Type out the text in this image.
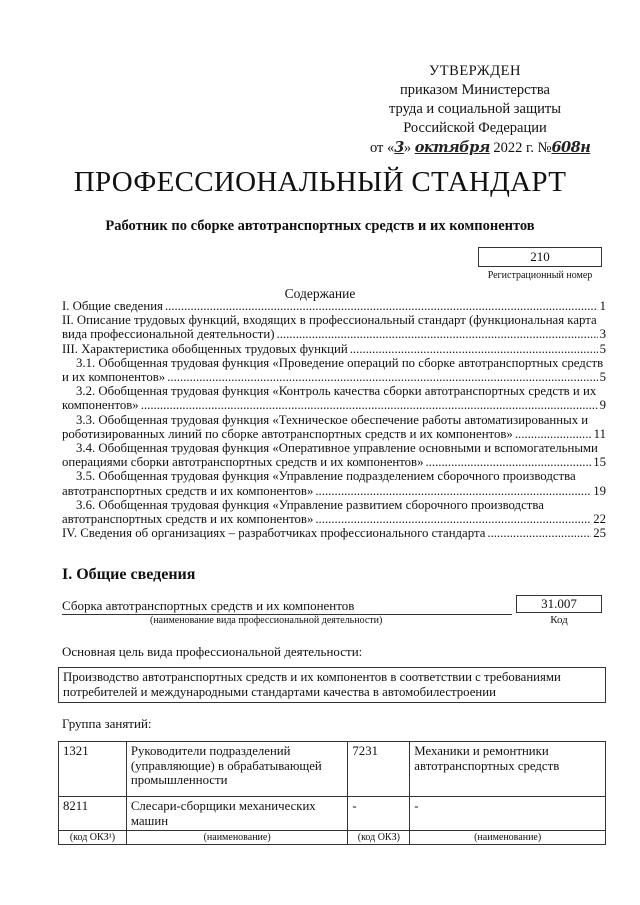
УТВЕРЖДЕН
приказом Министерства
труда и социальной защиты
Российской Федерации
от «3» октября 2022 г. №608н
ПРОФЕССИОНАЛЬНЫЙ СТАНДАРТ
Работник по сборке автотранспортных средств и их компонентов
210
Регистрационный номер
Содержание
I. Общие сведения .....	1
II. Описание трудовых функций, входящих в профессиональный стандарт (функциональная карта
вида профессиональной деятельности) .....	3
III. Характеристика обобщенных трудовых функций .....	5
3.1. Обобщенная трудовая функция «Проведение операций по сборке автотранспортных средств
и их компонентов» .....	5
3.2. Обобщенная трудовая функция «Контроль качества сборки автотранспортных средств и их
компонентов» .....	9
3.3. Обобщенная трудовая функция «Техническое обеспечение работы автоматизированных и
роботизированных линий по сборке автотранспортных средств и их компонентов» .....	11
3.4. Обобщенная трудовая функция «Оперативное управление основными и вспомогательными
операциями сборки автотранспортных средств и их компонентов» .....	15
3.5. Обобщенная трудовая функция «Управление подразделением сборочного производства
автотранспортных средств и их компонентов» .....	19
3.6. Обобщенная трудовая функция «Управление развитием сборочного производства
автотранспортных средств и их компонентов» .....	22
IV. Сведения об организациях – разработчиках профессионального стандарта .....	25
I. Общие сведения
Сборка автотранспортных средств и их компонентов
(наименование вида профессиональной деятельности)
31.007
Код
Основная цель вида профессиональной деятельности:
Производство автотранспортных средств и их компонентов в соответствии с требованиями
потребителей и международными стандартами качества в автомобилестроении
Группа занятий:
1321	Руководители подразделений (управляющие) в обрабатывающей промышленности	7231	Механики и ремонтники автотранспортных средств
8211	Слесари-сборщики механических машин	-	-
(код ОКЗ¹)	(наименование)	(код ОКЗ)	(наименование)
